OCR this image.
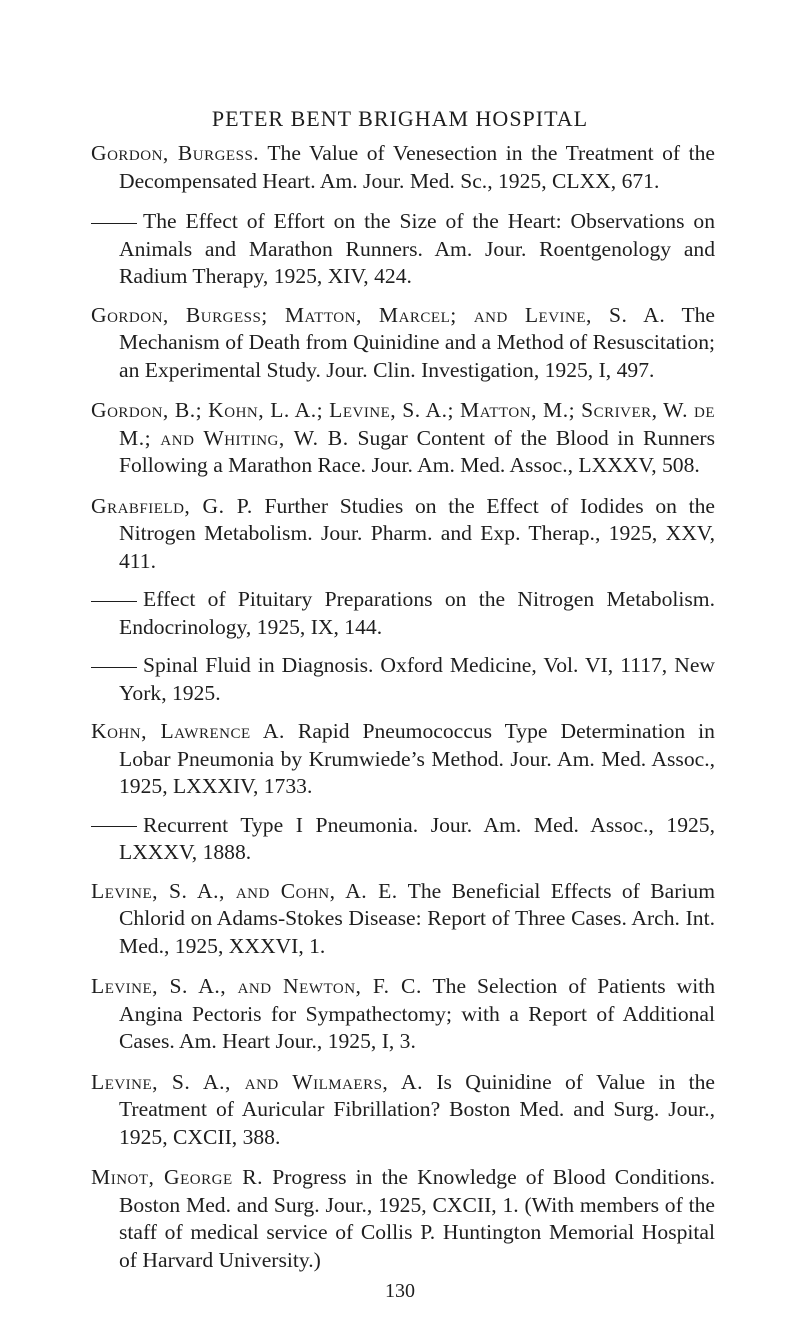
PETER BENT BRIGHAM HOSPITAL

Gordon, Burgess. The Value of Venesection in the Treatment of the Decompensated Heart. Am. Jour. Med. Sc., 1925, CLXX, 671.

The Effect of Effort on the Size of the Heart: Observations on Animals and Marathon Runners. Am. Jour. Roentgenology and Radium Therapy, 1925, XIV, 424.

Gordon, Burgess; Matton, Marcel; and Levine, S. A. The Mechanism of Death from Quinidine and a Method of Resuscitation; an Experimental Study. Jour. Clin. Investigation, 1925, I, 497.

Gordon, B.; Kohn, L. A.; Levine, S. A.; Matton, M.; Scriver, W. de M.; and Whiting, W. B. Sugar Content of the Blood in Runners Following a Marathon Race. Jour. Am. Med. Assoc., LXXXV, 508.

Grabfield, G. P. Further Studies on the Effect of Iodides on the Nitrogen Metabolism. Jour. Pharm. and Exp. Therap., 1925, XXV, 411.

Effect of Pituitary Preparations on the Nitrogen Metabolism. Endocrinology, 1925, IX, 144.

Spinal Fluid in Diagnosis. Oxford Medicine, Vol. VI, 1117, New York, 1925.

Kohn, Lawrence A. Rapid Pneumococcus Type Determination in Lobar Pneumonia by Krumwiede’s Method. Jour. Am. Med. Assoc., 1925, LXXXIV, 1733.

Recurrent Type I Pneumonia. Jour. Am. Med. Assoc., 1925, LXXXV, 1888.

Levine, S. A., and Cohn, A. E. The Beneficial Effects of Barium Chlorid on Adams-Stokes Disease: Report of Three Cases. Arch. Int. Med., 1925, XXXVI, 1.

Levine, S. A., and Newton, F. C. The Selection of Patients with Angina Pectoris for Sympathectomy; with a Report of Additional Cases. Am. Heart Jour., 1925, I, 3.

Levine, S. A., and Wilmaers, A. Is Quinidine of Value in the Treatment of Auricular Fibrillation? Boston Med. and Surg. Jour., 1925, CXCII, 388.

Minot, George R. Progress in the Knowledge of Blood Conditions. Boston Med. and Surg. Jour., 1925, CXCII, 1. (With members of the staff of medical service of Collis P. Huntington Memorial Hospital of Harvard University.)

130
